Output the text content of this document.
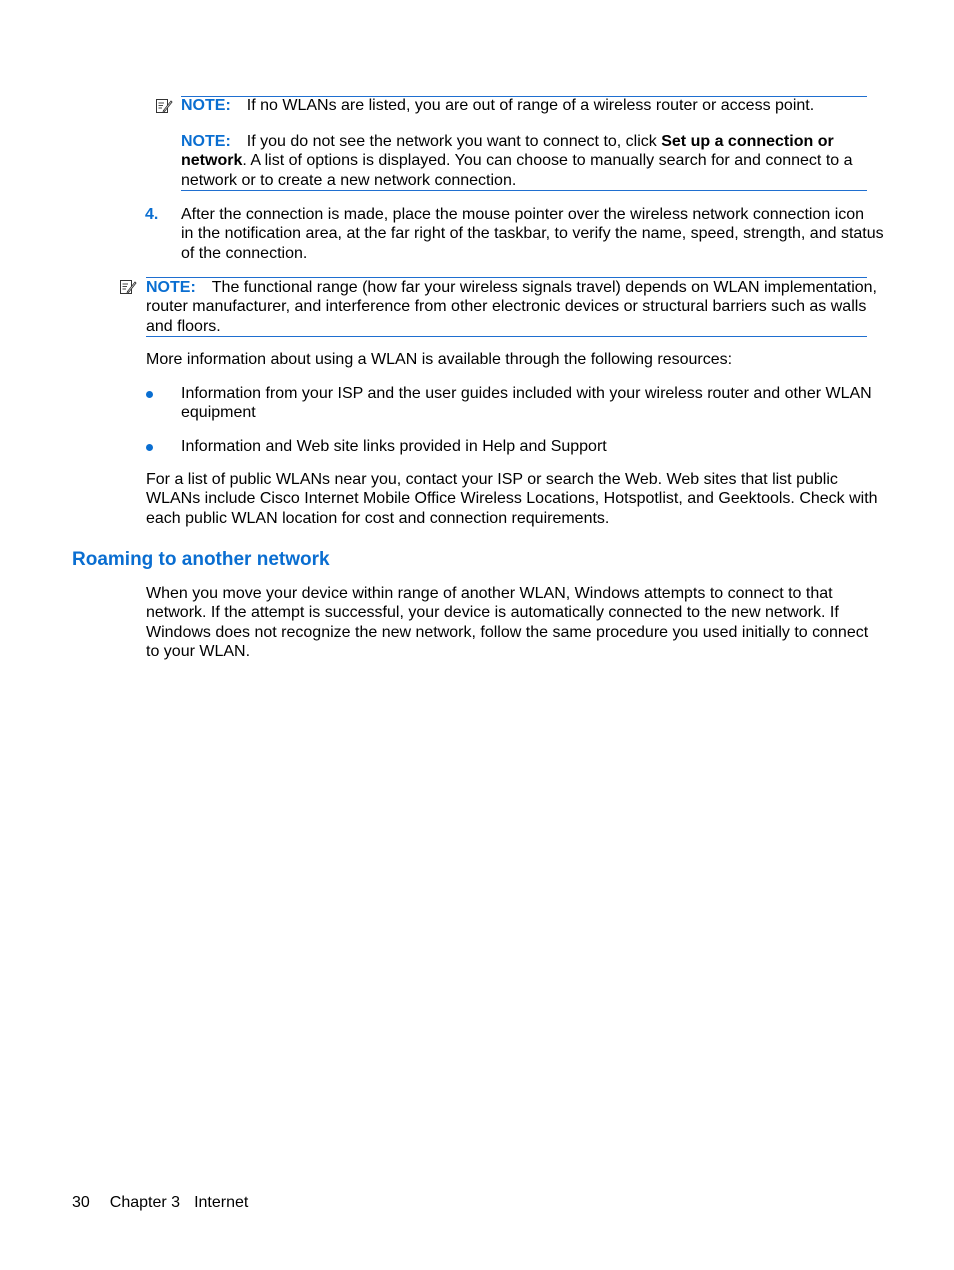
NOTE: If no WLANs are listed, you are out of range of a wireless router or access point.
NOTE: If you do not see the network you want to connect to, click Set up a connection or
network. A list of options is displayed. You can choose to manually search for and connect to a
network or to create a new network connection.
4. After the connection is made, place the mouse pointer over the wireless network connection icon
in the notification area, at the far right of the taskbar, to verify the name, speed, strength, and status
of the connection.
NOTE: The functional range (how far your wireless signals travel) depends on WLAN implementation,
router manufacturer, and interference from other electronic devices or structural barriers such as walls
and floors.
More information about using a WLAN is available through the following resources:
Information from your ISP and the user guides included with your wireless router and other WLAN
equipment
Information and Web site links provided in Help and Support
For a list of public WLANs near you, contact your ISP or search the Web. Web sites that list public
WLANs include Cisco Internet Mobile Office Wireless Locations, Hotspotlist, and Geektools. Check with
each public WLAN location for cost and connection requirements.
Roaming to another network
When you move your device within range of another WLAN, Windows attempts to connect to that
network. If the attempt is successful, your device is automatically connected to the new network. If
Windows does not recognize the new network, follow the same procedure you used initially to connect
to your WLAN.
30 Chapter 3 Internet
